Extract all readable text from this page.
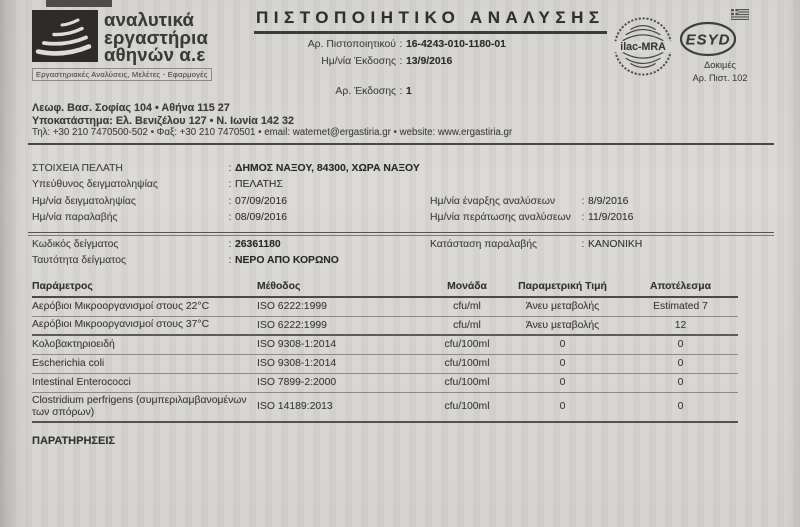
αναλυτικά
εργαστήρια
αθηνών α.ε
Εργαστηριακές Αναλύσεις, Μελέτες - Εφαρμογές
ΠΙΣΤΟΠΟΙΗΤΙΚΟ ΑΝΑΛΥΣΗΣ
Αρ. Πιστοποιητικού : 16-4243-010-1180-01
Ημ/νία Έκδοσης : 13/9/2016
Αρ. Έκδοσης : 1
ilac-MRA ESYD
Δοκιμές
Αρ. Πιστ. 102
Λεωφ. Βασ. Σοφίας 104 • Αθήνα 115 27
Υποκατάστημα: Ελ. Βενιζέλου 127 • Ν. Ιωνία 142 32
Τηλ: +30 210 7470500-502 • Φαξ: +30 210 7470501 • email: waternet@ergastiria.gr • website: www.ergastiria.gr
ΣΤΟΙΧΕΙΑ ΠΕΛΑΤΗ :	ΔΗΜΟΣ ΝΑΞΟΥ, 84300, ΧΩΡΑ ΝΑΞΟΥ
Υπεύθυνος δειγματοληψίας :	ΠΕΛΑΤΗΣ
Ημ/νία δειγματοληψίας :	07/09/2016	Ημ/νία έναρξης αναλύσεων :	8/9/2016
Ημ/νία παραλαβής :	08/09/2016	Ημ/νία περάτωσης αναλύσεων :	11/9/2016
Κωδικός δείγματος :	26361180	Κατάσταση παραλαβής :	ΚΑΝΟΝΙΚΗ
Ταυτότητα δείγματος :	ΝΕΡΟ ΑΠΟ ΚΟΡΩΝΟ
Παράμετρος	Μέθοδος	Μονάδα	Παραμετρική Τιμή	Αποτέλεσμα
Αερόβιοι Μικροοργανισμοί στους 22°C	ISO 6222:1999	cfu/ml	Άνευ μεταβολής	Estimated 7
Αερόβιοι Μικροοργανισμοί στους 37°C	ISO 6222:1999	cfu/ml	Άνευ μεταβολής	12
Κολοβακτηριοειδή	ISO 9308-1:2014	cfu/100ml	0	0
Escherichia coli	ISO 9308-1:2014	cfu/100ml	0	0
Intestinal Enterococci	ISO 7899-2:2000	cfu/100ml	0	0
Clostridium perfrigens (συμπεριλαμβανομένων των σπόρων)	ISO 14189:2013	cfu/100ml	0	0
ΠΑΡΑΤΗΡΗΣΕΙΣ
